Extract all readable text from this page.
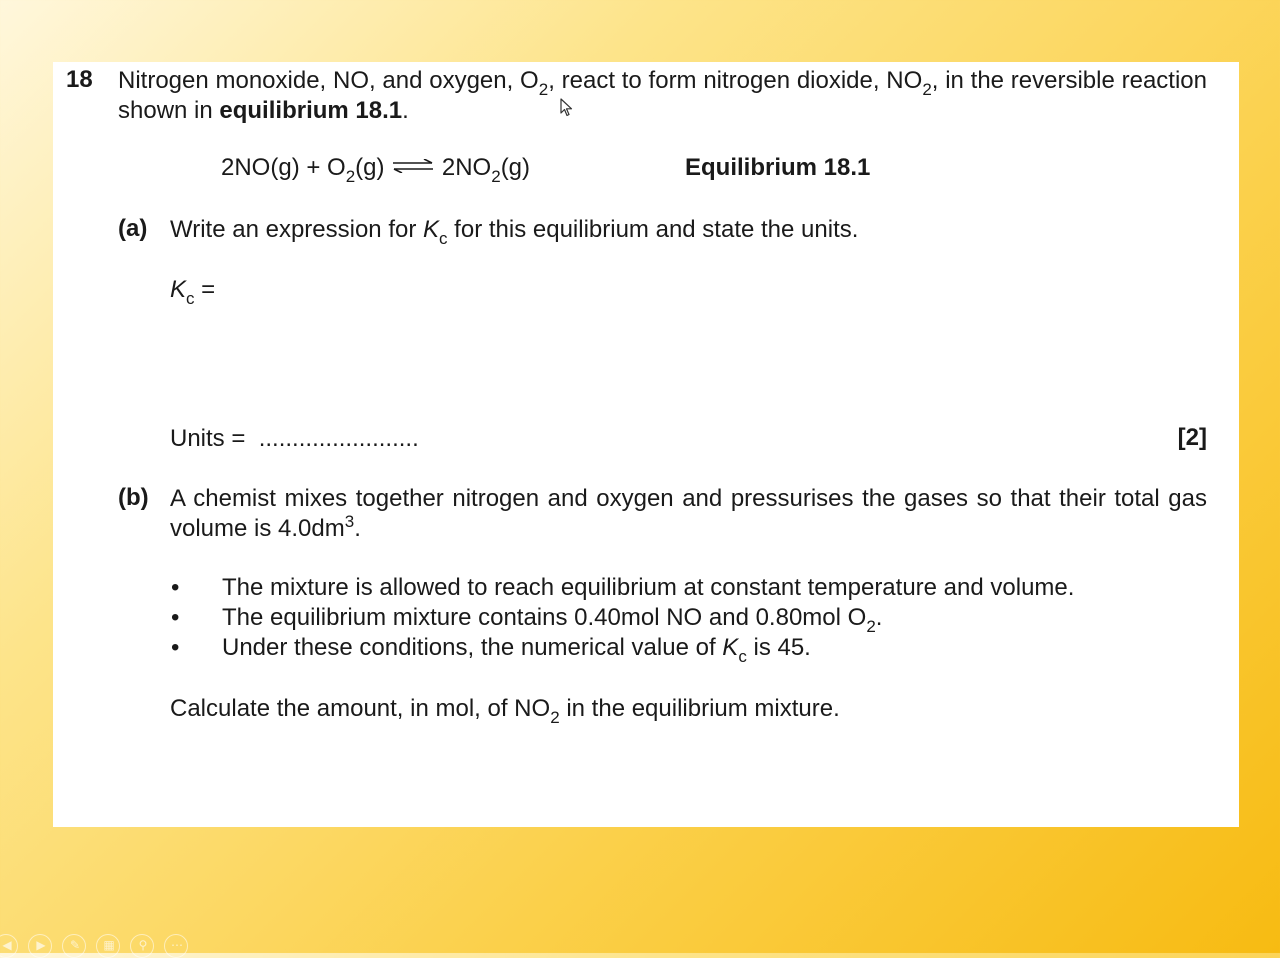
18 Nitrogen monoxide, NO, and oxygen, $O_2$, react to form nitrogen dioxide, $NO_2$, in the reversible reaction shown in equilibrium 18.1.
$2NO(g) + O_2(g)$ ⇌ $2NO_2(g)$	Equilibrium 18.1
(a) Write an expression for $K_c$ for this equilibrium and state the units.
$K_c$ =
Units = ........................	[2]
(b) A chemist mixes together nitrogen and oxygen and pressurises the gases so that their total gas volume is $4.0dm^3$.
• The mixture is allowed to reach equilibrium at constant temperature and volume.
• The equilibrium mixture contains 0.40mol NO and 0.80mol $O_2$.
• Under these conditions, the numerical value of $K_c$ is 45.
Calculate the amount, in mol, of $NO_2$ in the equilibrium mixture.
◀	▶	✎	▦	⚲	⋯
